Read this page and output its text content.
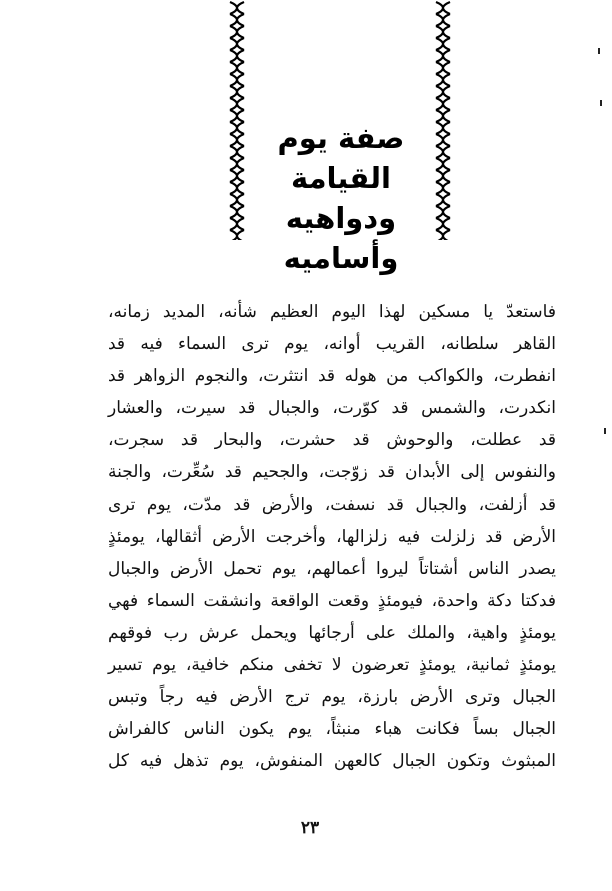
صفة يوم
القيامة ودواهيه
وأساميه
فاستعدّ يا مسكين لهذا اليوم العظيم شأنه، المديد زمانه،
القاهر سلطانه، القريب أوانه، يوم ترى السماء فيه قد
انفطرت، والكواكب من هوله قد انتثرت، والنجوم الزواهر قد
انكدرت، والشمس قد كوّرت، والجبال قد سيرت، والعشار
قد عطلت، والوحوش قد حشرت، والبحار قد سجرت،
والنفوس إلى الأبدان قد زوّجت، والجحيم قد سُعِّرت، والجنة
قد أزلفت، والجبال قد نسفت، والأرض قد مدّت، يوم ترى
الأرض قد زلزلت فيه زلزالها، وأخرجت الأرض أثقالها، يومئذٍ
يصدر الناس أشتاتاً ليروا أعمالهم، يوم تحمل الأرض والجبال
فدكتا دكة واحدة، فيومئذٍ وقعت الواقعة وانشقت السماء فهي
يومئذٍ واهية، والملك على أرجائها ويحمل عرش رب فوقهم
يومئذٍ ثمانية، يومئذٍ تعرضون لا تخفى منكم خافية، يوم تسير
الجبال وترى الأرض بارزة، يوم ترج الأرض فيه رجاً وتبس
الجبال بساً فكانت هباء منبثاً، يوم يكون الناس كالفراش
المبثوث وتكون الجبال كالعهن المنفوش، يوم تذهل فيه كل
٢٣
